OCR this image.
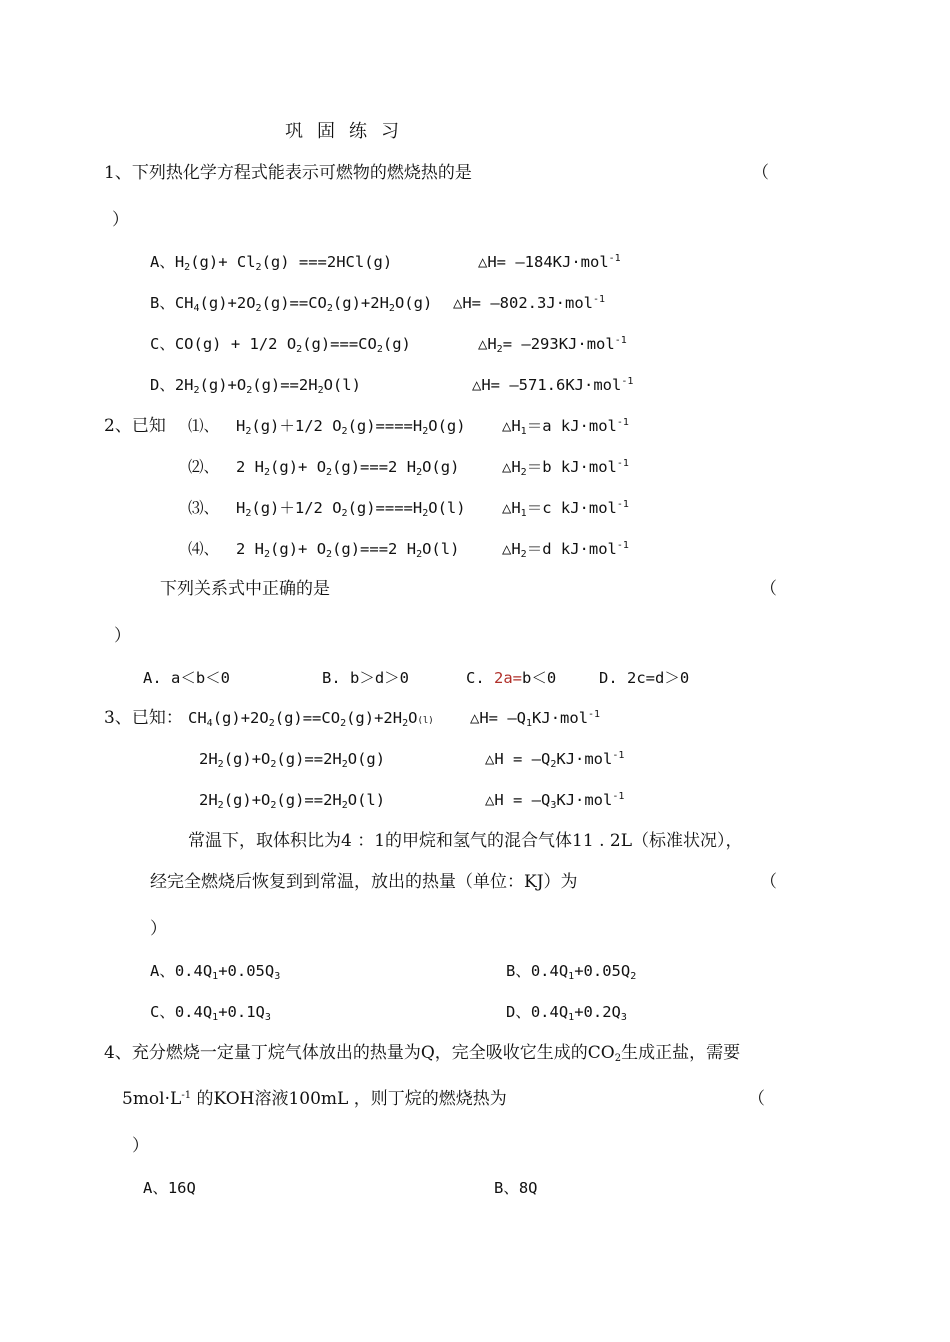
巩固练习
1、下列热化学方程式能表示可燃物的燃烧热的是	（
）
A、$H_2(g)+ Cl_2(g) ===2HCl(g)$	△H= —184KJ·mol$^{-1}$
B、$CH_4(g)+2O_2(g)==CO_2(g)+2H_2O(g)$ △H= —802.3J·mol$^{-1}$
C、CO(g) + 1/2 $O_2(g)===CO_2(g)$	$\triangle H_2=$ —293KJ·mol$^{-1}$
D、$2H_2(g)+O_2(g)==2H_2O(l)$	△H= —571.6KJ·mol$^{-1}$
2、已知 ⑴、 $H_2(g)+1/2$ $O_2(g)====H_2O(g)$ $\triangle H_1=a$ kJ·mol$^{-1}$
⑵、 2 $H_2(g)+ O_2(g)===2$ $H_2O(g)$	$\triangle H_2=b$ kJ·mol$^{-1}$
⑶、 $H_2(g)+1/2$ $O_2(g)====H_2O(l)$ $\triangle H_1=c$ kJ·mol$^{-1}$
⑷、 2 $H_2(g)+ O_2(g)===2$ $H_2O(l)$	$\triangle H_2=d$ kJ·mol$^{-1}$
下列关系式中正确的是	（
）
A. a＜b＜0	B. b＞d＞0	C. 2a=b＜0	D. 2c=d＞0
3、已知： $CH_4(g)+2O_2(g)==CO_2(g)+2H_2O(l)$ △H= $—Q_1KJ\cdot mol^{-1}$
$2H_2(g)+O_2(g)==2H_2O(g)$	△H = $—Q_2KJ\cdot mol^{-1}$
$2H_2(g)+O_2(g)==2H_2O(l)$	△H = $—Q_3KJ\cdot mol^{-1}$
常温下，取体积比为4 ：1的甲烷和氢气的混合气体11 . 2L（标准状况），
经完全燃烧后恢复到到常温，放出的热量（单位：KJ）为	（
）
A、$0.4Q_1+0.05Q_3$	B、$0.4Q_1+0.05Q_2$
C、$0.4Q_1+0.1Q_3$	D、$0.4Q_1+0.2Q_3$
4、充分燃烧一定量丁烷气体放出的热量为Q，完全吸收它生成的$CO_2$生成正盐，需要
$5mol\cdot L^{-1}$ 的KOH溶液100mL ，则丁烷的燃烧热为	（
）
A、16Q	B、8Q
